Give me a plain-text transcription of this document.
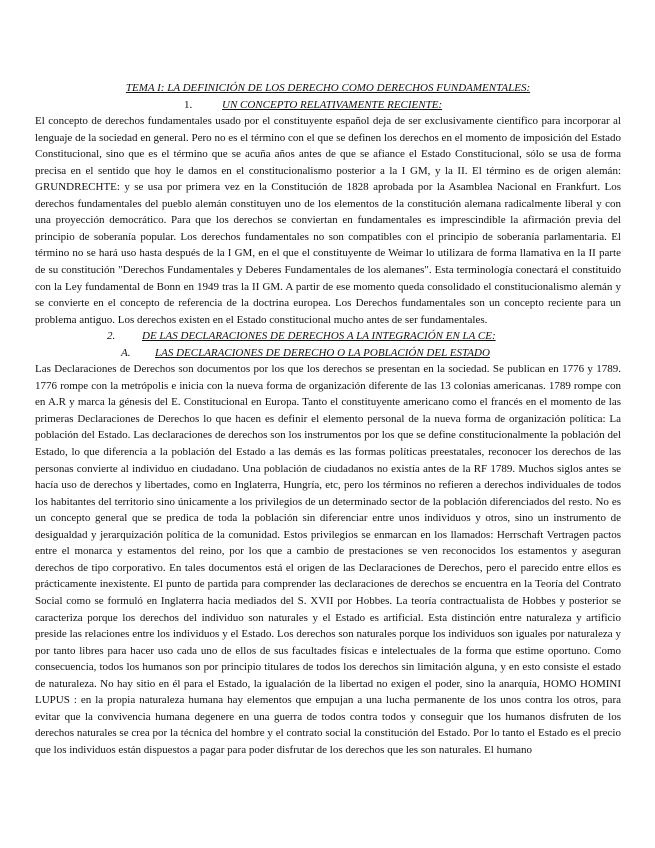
TEMA I: LA DEFINICIÓN DE LOS DERECHO COMO DERECHOS FUNDAMENTALES:

1.	UN CONCEPTO RELATIVAMENTE RECIENTE:

El concepto de derechos fundamentales usado por el constituyente español deja de ser exclusivamente científico para incorporar al lenguaje de la sociedad en general. Pero no es el término con el que se definen los derechos en el momento de imposición del Estado Constitucional, sino que es el término que se acuña años antes de que se afiance el Estado Constitucional, sólo se usa de forma precisa en el sentido que hoy le damos en el constitucionalismo posterior a la I GM, y la II. El término es de origen alemán: GRUNDRECHTE: y se usa por primera vez en la Constitución de 1828 aprobada por la Asamblea Nacional en Frankfurt. Los derechos fundamentales del pueblo alemán constituyen uno de los elementos de la constitución alemana radicalmente liberal y con una proyección democrático. Para que los derechos se conviertan en fundamentales es imprescindible la afirmación previa del principio de soberanía popular. Los derechos fundamentales no son compatibles con el principio de soberanía parlamentaria. El término no se hará uso hasta después de la I GM, en el que el constituyente de Weimar lo utilizara de forma llamativa en la II parte de su constitución "Derechos Fundamentales y Deberes Fundamentales de los alemanes". Esta terminología conectará el constituido con la Ley fundamental de Bonn en 1949 tras la II GM. A partir de ese momento queda consolidado el constitucionalismo alemán y se convierte en el concepto de referencia de la doctrina europea. Los Derechos fundamentales son un concepto reciente para un problema antiguo. Los derechos existen en el Estado constitucional mucho antes de ser fundamentales.

2. DE LAS DECLARACIONES DE DERECHOS A LA INTEGRACIÓN EN LA CE:

A. LAS DECLARACIONES DE DERECHO O LA POBLACIÓN DEL ESTADO

Las Declaraciones de Derechos son documentos por los que los derechos se presentan en la sociedad. Se publican en 1776 y 1789. 1776 rompe con la metrópolis e inicia con la nueva forma de organización diferente de las 13 colonias americanas. 1789 rompe con en A.R y marca la génesis del E. Constitucional en Europa. Tanto el constituyente americano como el francés en el momento de las primeras Declaraciones de Derechos lo que hacen es definir el elemento personal de la nueva forma de organización política: La población del Estado. Las declaraciones de derechos son los instrumentos por los que se define constitucionalmente la población del Estado, lo que diferencia a la población del Estado a las demás es las formas políticas preestatales, reconocer los derechos de las personas convierte al individuo en ciudadano. Una población de ciudadanos no existía antes de la RF 1789. Muchos siglos antes se hacía uso de derechos y libertades, como en Inglaterra, Hungría, etc, pero los términos no refieren a derechos individuales de todos los habitantes del territorio sino únicamente a los privilegios de un determinado sector de la población diferenciados del resto. No es un concepto general que se predica de toda la población sin diferenciar entre unos individuos y otros, sino un instrumento de desigualdad y jerarquización política de la comunidad. Estos privilegios se enmarcan en los llamados: Herrschaft Vertragen pactos entre el monarca y estamentos del reino, por los que a cambio de prestaciones se ven reconocidos los estamentos y aseguran derechos de tipo corporativo. En tales documentos está el origen de las Declaraciones de Derechos, pero el parecido entre ellos es prácticamente inexistente. El punto de partida para comprender las declaraciones de derechos se encuentra en la Teoría del Contrato Social como se formuló en Inglaterra hacia mediados del S. XVII por Hobbes. La teoría contractualista de Hobbes y posterior se caracteriza porque los derechos del individuo son naturales y el Estado es artificial. Esta distinción entre naturaleza y artificio preside las relaciones entre los individuos y el Estado. Los derechos son naturales porque los individuos son iguales por naturaleza y por tanto libres para hacer uso cada uno de ellos de sus facultades físicas e intelectuales de la forma que estime oportuno. Como consecuencia, todos los humanos son por principio titulares de todos los derechos sin limitación alguna, y en esto consiste el estado de naturaleza. No hay sitio en él para el Estado, la igualación de la libertad no exigen el poder, sino la anarquía, HOMO HOMINI LUPUS : en la propia naturaleza humana hay elementos que empujan a una lucha permanente de los unos contra los otros, para evitar que la convivencia humana degenere en una guerra de todos contra todos y conseguir que los humanos disfruten de los derechos naturales se crea por la técnica del hombre y el contrato social la constitución del Estado. Por lo tanto el Estado es el precio que los individuos están dispuestos a pagar para poder disfrutar de los derechos que les son naturales. El humano
